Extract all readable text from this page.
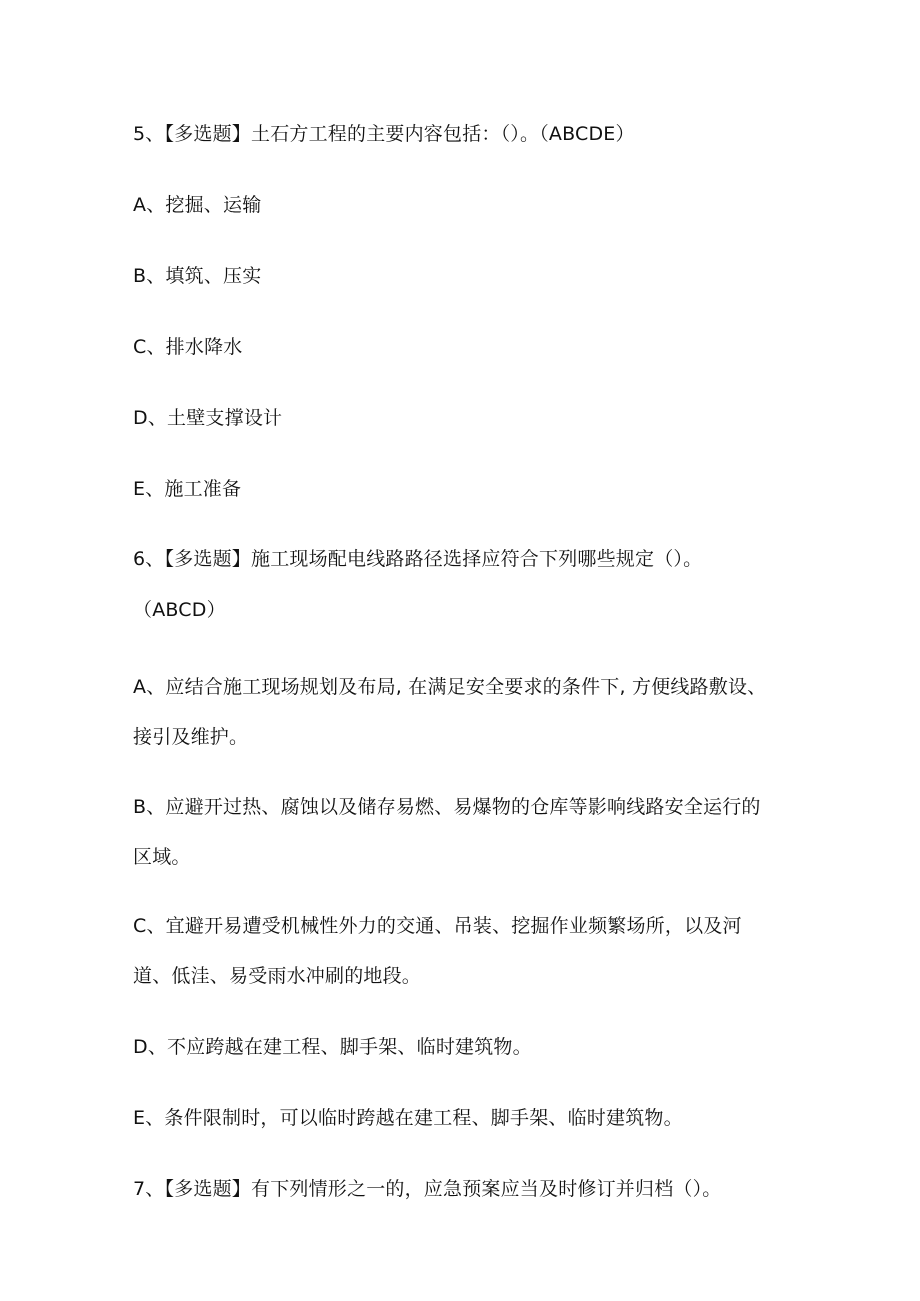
5、【多选题】土石方工程的主要内容包括：（）。（ABCDE）
A、挖掘、运输
B、填筑、压实
C、排水降水
D、土壁支撑设计
E、施工准备
6、【多选题】施工现场配电线路路径选择应符合下列哪些规定（）。
（ABCD）
A、应结合施工现场规划及布局, 在满足安全要求的条件下, 方便线路敷设、
接引及维护。
B、应避开过热、腐蚀以及储存易燃、易爆物的仓库等影响线路安全运行的
区域。
C、宜避开易遭受机械性外力的交通、吊装、挖掘作业频繁场所，以及河
道、低洼、易受雨水冲刷的地段。
D、不应跨越在建工程、脚手架、临时建筑物。
E、条件限制时，可以临时跨越在建工程、脚手架、临时建筑物。
7、【多选题】有下列情形之一的，应急预案应当及时修订并归档（）。
